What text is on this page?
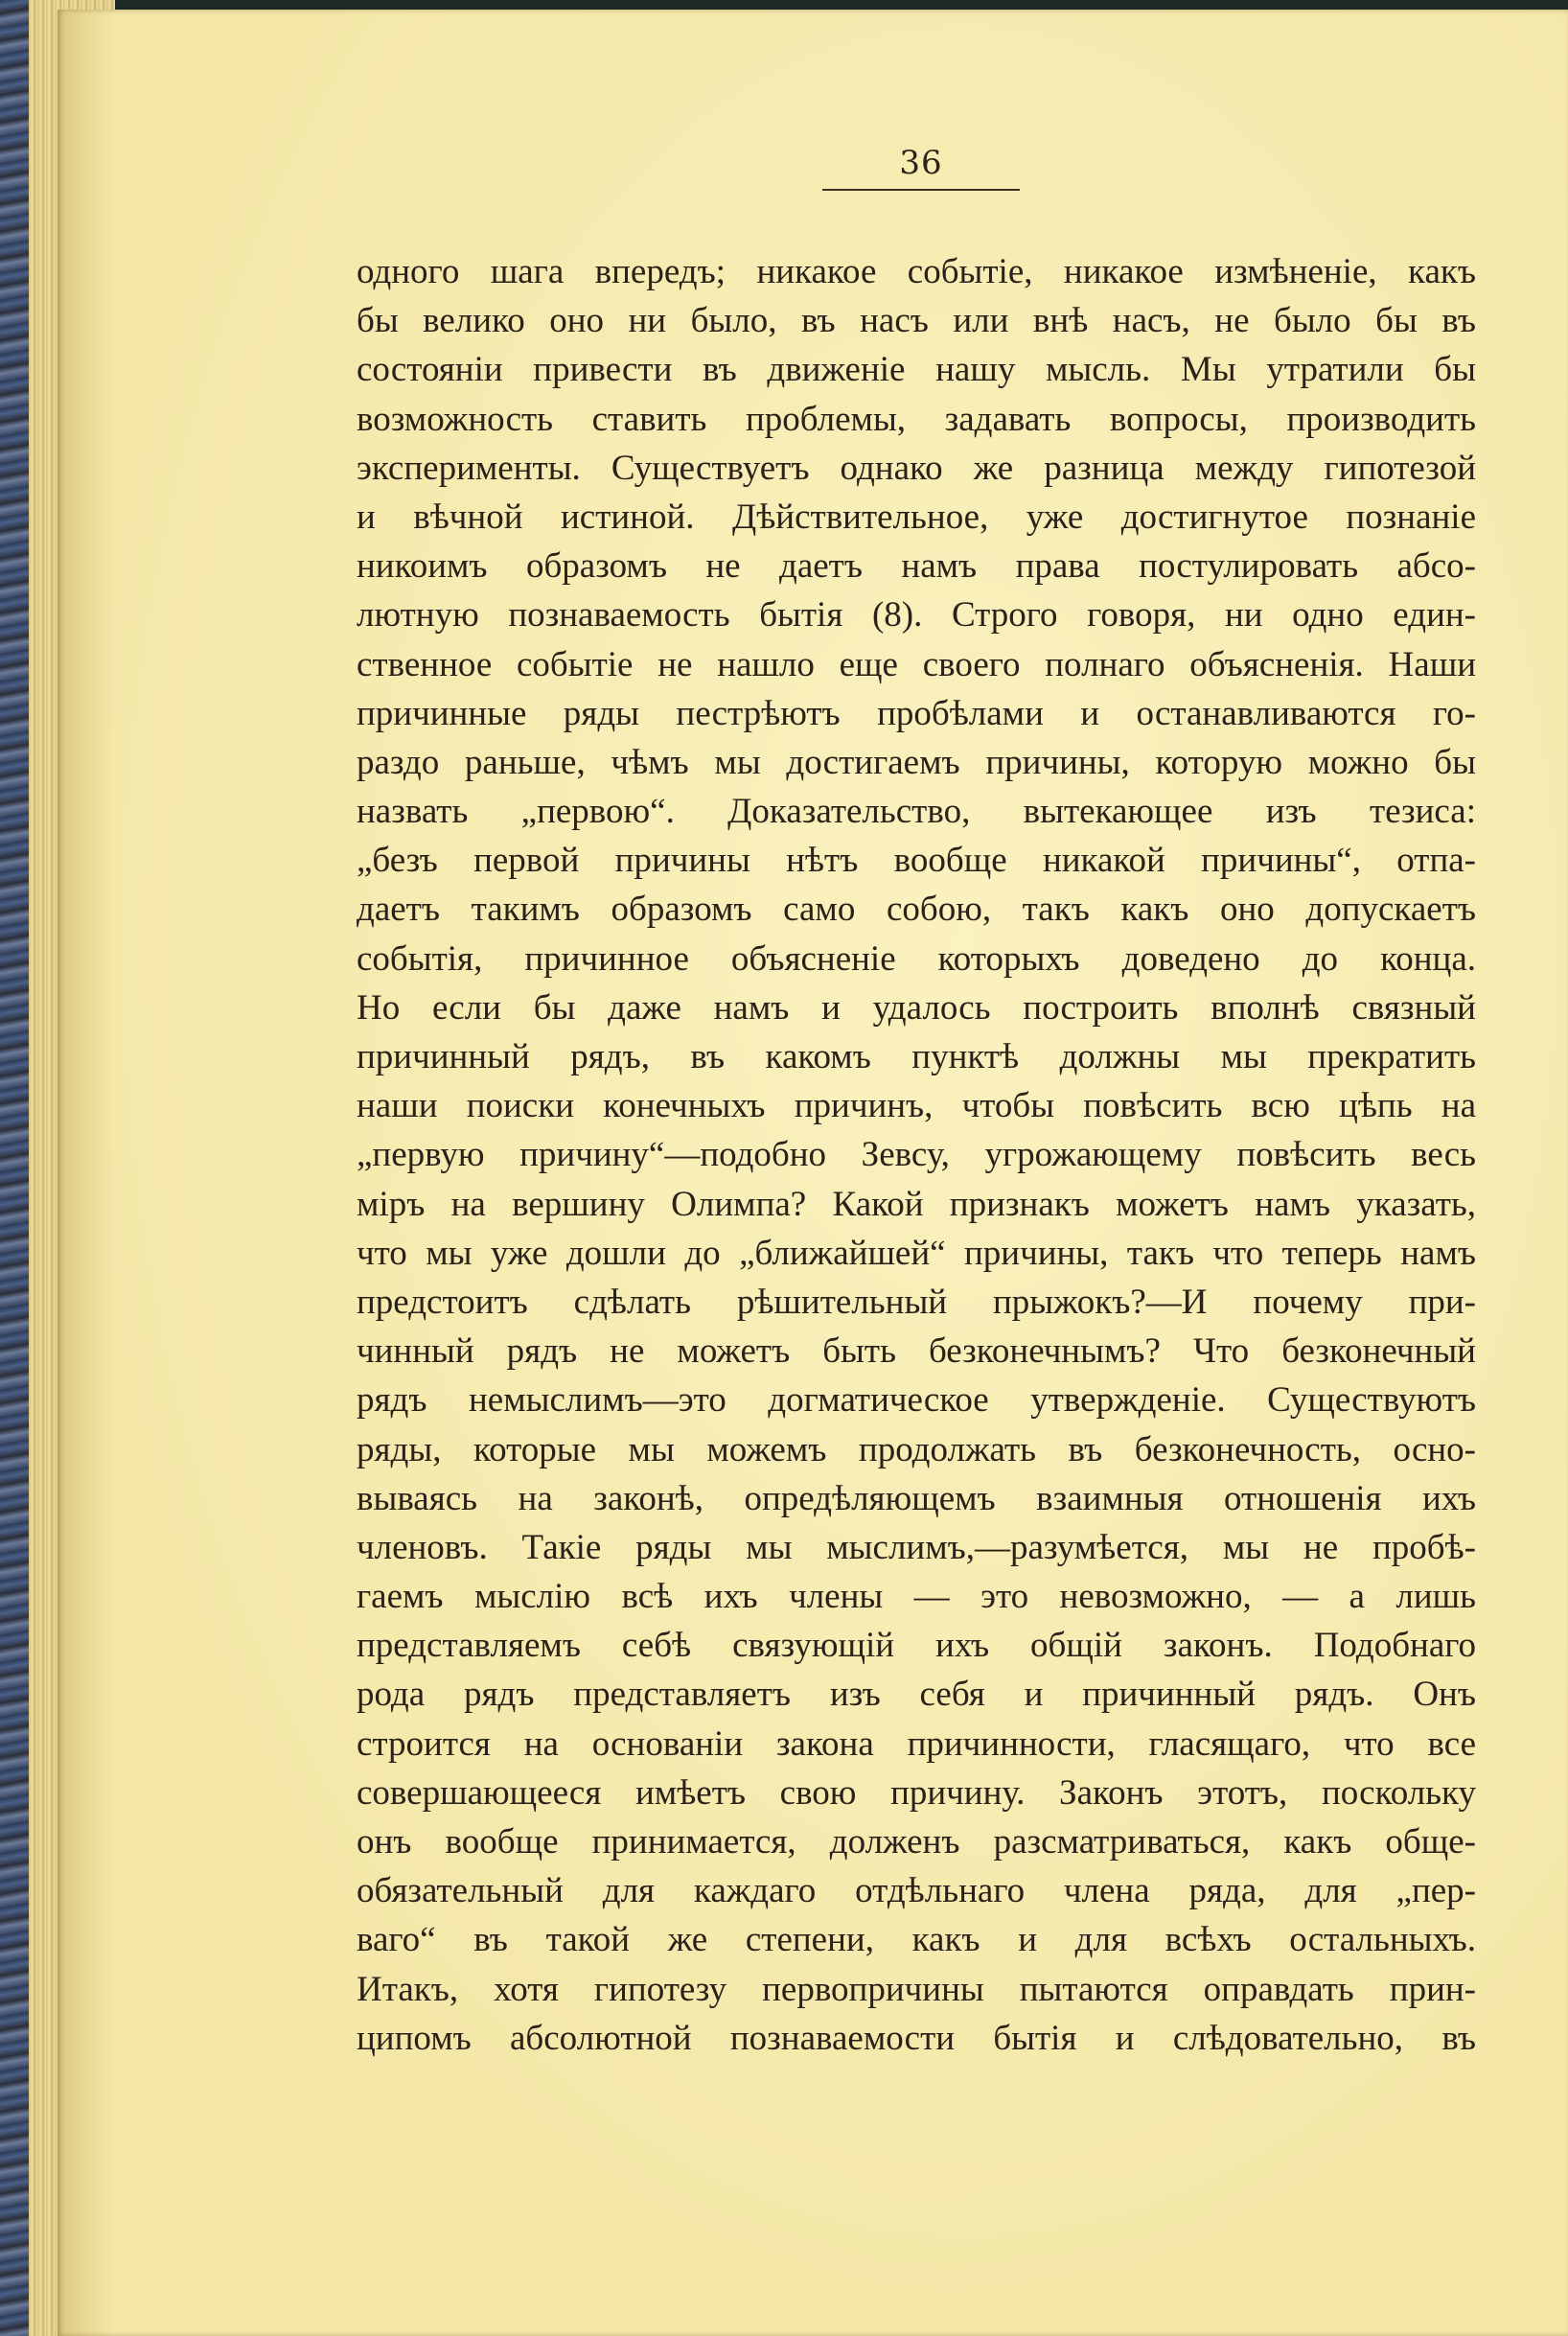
36
одного шага впередъ; никакое событіе, никакое измѣненіе, какъ
бы велико оно ни было, въ насъ или внѣ насъ, не было бы въ
состояніи привести въ движеніе нашу мысль. Мы утратили бы
возможность ставить проблемы, задавать вопросы, производить
эксперименты. Существуетъ однако же разница между гипотезой
и вѣчной истиной. Дѣйствительное, уже достигнутое познаніе
никоимъ образомъ не даетъ намъ права постулировать абсо-
лютную познаваемость бытія (8). Строго говоря, ни одно един-
ственное событіе не нашло еще своего полнаго объясненія. Наши
причинные ряды пестрѣютъ пробѣлами и останавливаются го-
раздо раньше, чѣмъ мы достигаемъ причины, которую можно бы
назвать „первою“. Доказательство, вытекающее изъ тезиса:
„безъ первой причины нѣтъ вообще никакой причины“, отпа-
даетъ такимъ образомъ само собою, такъ какъ оно допускаетъ
событія, причинное объясненіе которыхъ доведено до конца.
Но если бы даже намъ и удалось построить вполнѣ связный
причинный рядъ, въ какомъ пунктѣ должны мы прекратить
наши поиски конечныхъ причинъ, чтобы повѣсить всю цѣпь на
„первую причину“—подобно Зевсу, угрожающему повѣсить весь
міръ на вершину Олимпа? Какой признакъ можетъ намъ указать,
что мы уже дошли до „ближайшей“ причины, такъ что теперь намъ
предстоитъ сдѣлать рѣшительный прыжокъ?—И почему при-
чинный рядъ не можетъ быть безконечнымъ? Что безконечный
рядъ немыслимъ—это догматическое утвержденіе. Существуютъ
ряды, которые мы можемъ продолжать въ безконечность, осно-
вываясь на законѣ, опредѣляющемъ взаимныя отношенія ихъ
членовъ. Такіе ряды мы мыслимъ,—разумѣется, мы не пробѣ-
гаемъ мыслію всѣ ихъ члены — это невозможно, — а лишь
представляемъ себѣ связующій ихъ общій законъ. Подобнаго
рода рядъ представляетъ изъ себя и причинный рядъ. Онъ
строится на основаніи закона причинности, гласящаго, что все
совершающееся имѣетъ свою причину. Законъ этотъ, поскольку
онъ вообще принимается, долженъ разсматриваться, какъ обще-
обязательный для каждаго отдѣльнаго члена ряда, для „пер-
ваго“ въ такой же степени, какъ и для всѣхъ остальныхъ.
Итакъ, хотя гипотезу первопричины пытаются оправдать прин-
ципомъ абсолютной познаваемости бытія и слѣдовательно, въ
